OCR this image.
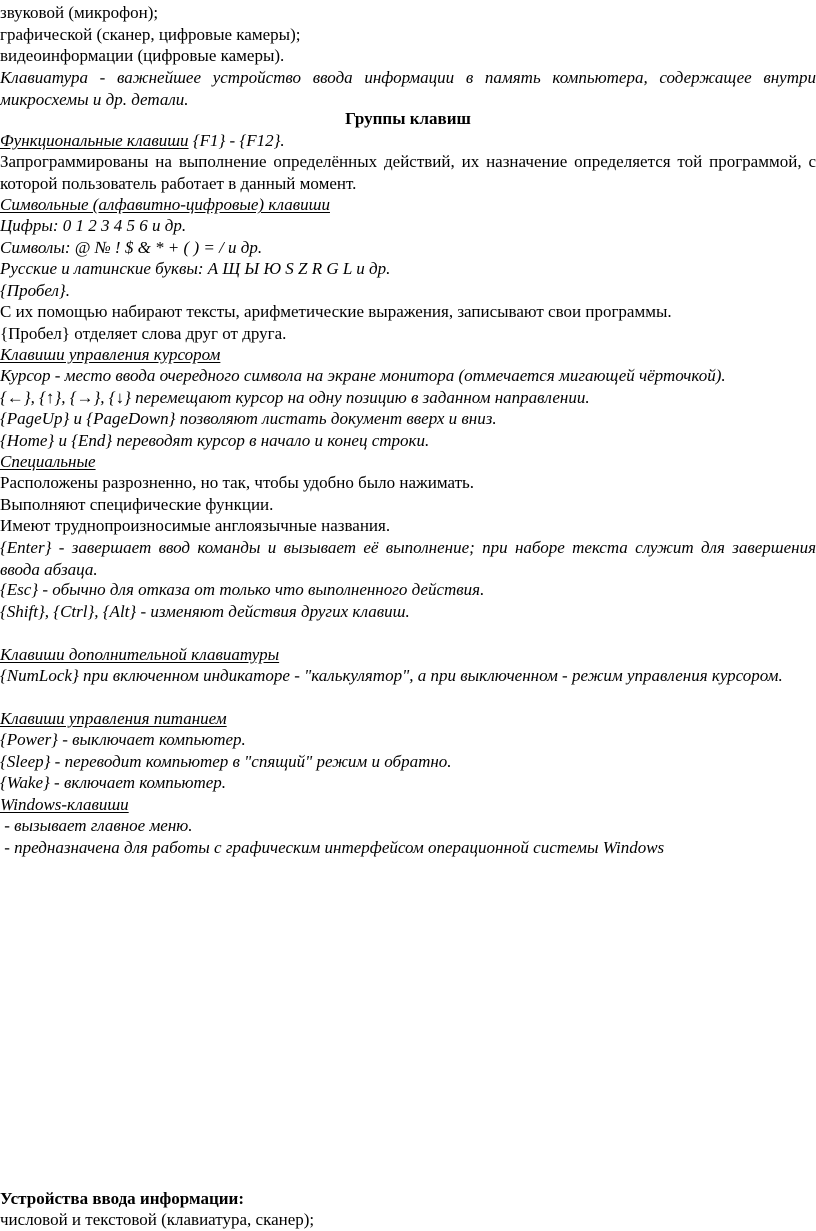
звуковой (микрофон);
графической (сканер, цифровые камеры);
видеоинформации (цифровые камеры).
Клавиатура - важнейшее устройство ввода информации в память компьютера, содержащее внутри микросхемы и др. детали.
Группы клавиш
Функциональные клавиши {F1} - {F12}.
Запрограммированы на выполнение определённых действий, их назначение определяется той программой, с которой пользователь работает в данный момент.
Символьные (алфавитно-цифровые) клавиши
Цифры: 0 1 2 3 4 5 6 и др.
Символы: @ № ! $ & * + ( ) = / и др.
Русские и латинские буквы: А Щ Ы Ю S Z R G L и др.
{Пробел}.
С их помощью набирают тексты, арифметические выражения, записывают свои программы.
{Пробел} отделяет слова друг от друга.
Клавиши управления курсором
Курсор - место ввода очередного символа на экране монитора (отмечается мигающей чёрточкой).
{←}, {↑}, {→}, {↓} перемещают курсор на одну позицию в заданном направлении.
{PageUp} и {PageDown} позволяют листать документ вверх и вниз.
{Home} и {End} переводят курсор в начало и конец строки.
Специальные
Расположены разрозненно, но так, чтобы удобно было нажимать.
Выполняют специфические функции.
Имеют труднопроизносимые англоязычные названия.
{Enter} - завершает ввод команды и вызывает её выполнение; при наборе текста служит для завершения ввода абзаца.
{Esc} - обычно для отказа от только что выполненного действия.
{Shift}, {Ctrl}, {Alt} - изменяют действия других клавиш.
Клавиши дополнительной клавиатуры
{NumLock} при включенном индикаторе - "калькулятор", а при выключенном - режим управления курсором.
Клавиши управления питанием
{Power} - выключает компьютер.
{Sleep} - переводит компьютер в "спящий" режим и обратно.
{Wake} - включает компьютер.
Windows-клавиши
- вызывает главное меню.
- предназначена для работы с графическим интерфейсом операционной системы Windows
Устройства ввода информации:
числовой и текстовой (клавиатура, сканер);
